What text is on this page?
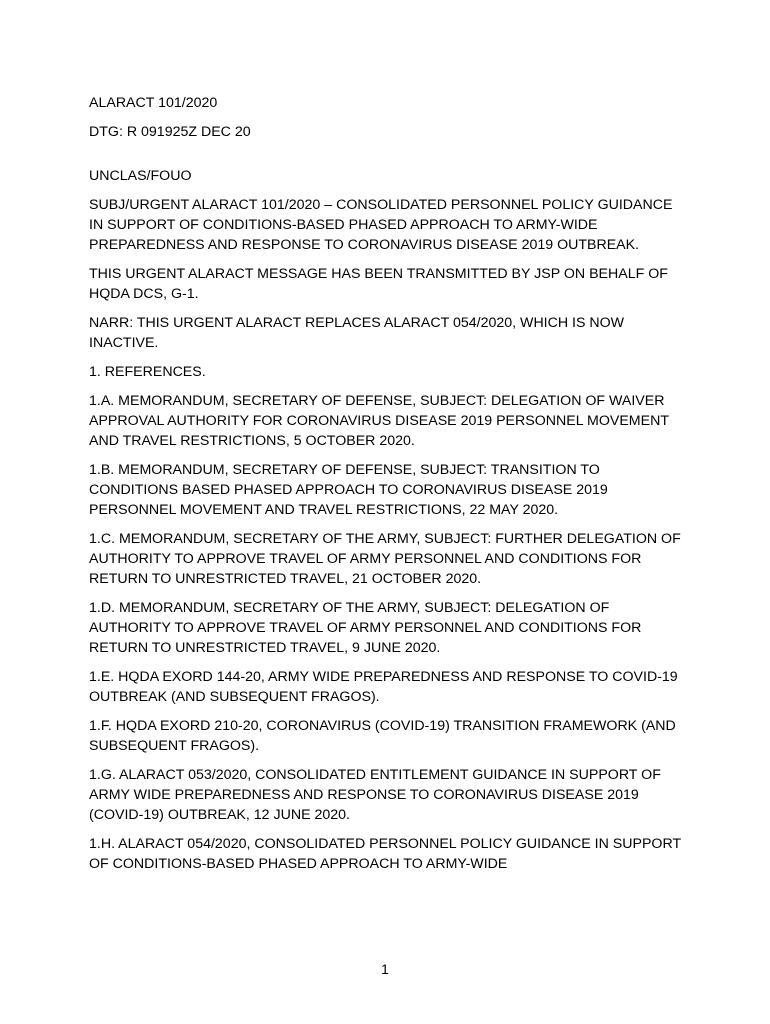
ALARACT 101/2020

DTG: R 091925Z DEC 20

UNCLAS/FOUO

SUBJ/URGENT ALARACT 101/2020 – CONSOLIDATED PERSONNEL POLICY GUIDANCE IN SUPPORT OF CONDITIONS-BASED PHASED APPROACH TO ARMY-WIDE PREPAREDNESS AND RESPONSE TO CORONAVIRUS DISEASE 2019 OUTBREAK.

THIS URGENT ALARACT MESSAGE HAS BEEN TRANSMITTED BY JSP ON BEHALF OF HQDA DCS, G-1.

NARR: THIS URGENT ALARACT REPLACES ALARACT 054/2020, WHICH IS NOW INACTIVE.

1. REFERENCES.

1.A. MEMORANDUM, SECRETARY OF DEFENSE, SUBJECT: DELEGATION OF WAIVER APPROVAL AUTHORITY FOR CORONAVIRUS DISEASE 2019 PERSONNEL MOVEMENT AND TRAVEL RESTRICTIONS, 5 OCTOBER 2020.

1.B. MEMORANDUM, SECRETARY OF DEFENSE, SUBJECT: TRANSITION TO CONDITIONS BASED PHASED APPROACH TO CORONAVIRUS DISEASE 2019 PERSONNEL MOVEMENT AND TRAVEL RESTRICTIONS, 22 MAY 2020.

1.C. MEMORANDUM, SECRETARY OF THE ARMY, SUBJECT: FURTHER DELEGATION OF AUTHORITY TO APPROVE TRAVEL OF ARMY PERSONNEL AND CONDITIONS FOR RETURN TO UNRESTRICTED TRAVEL, 21 OCTOBER 2020.

1.D. MEMORANDUM, SECRETARY OF THE ARMY, SUBJECT: DELEGATION OF AUTHORITY TO APPROVE TRAVEL OF ARMY PERSONNEL AND CONDITIONS FOR RETURN TO UNRESTRICTED TRAVEL, 9 JUNE 2020.

1.E. HQDA EXORD 144-20, ARMY WIDE PREPAREDNESS AND RESPONSE TO COVID-19 OUTBREAK (AND SUBSEQUENT FRAGOS).

1.F. HQDA EXORD 210-20, CORONAVIRUS (COVID-19) TRANSITION FRAMEWORK (AND SUBSEQUENT FRAGOS).

1.G. ALARACT 053/2020, CONSOLIDATED ENTITLEMENT GUIDANCE IN SUPPORT OF ARMY WIDE PREPAREDNESS AND RESPONSE TO CORONAVIRUS DISEASE 2019 (COVID-19) OUTBREAK, 12 JUNE 2020.

1.H. ALARACT 054/2020, CONSOLIDATED PERSONNEL POLICY GUIDANCE IN SUPPORT OF CONDITIONS-BASED PHASED APPROACH TO ARMY-WIDE

1
